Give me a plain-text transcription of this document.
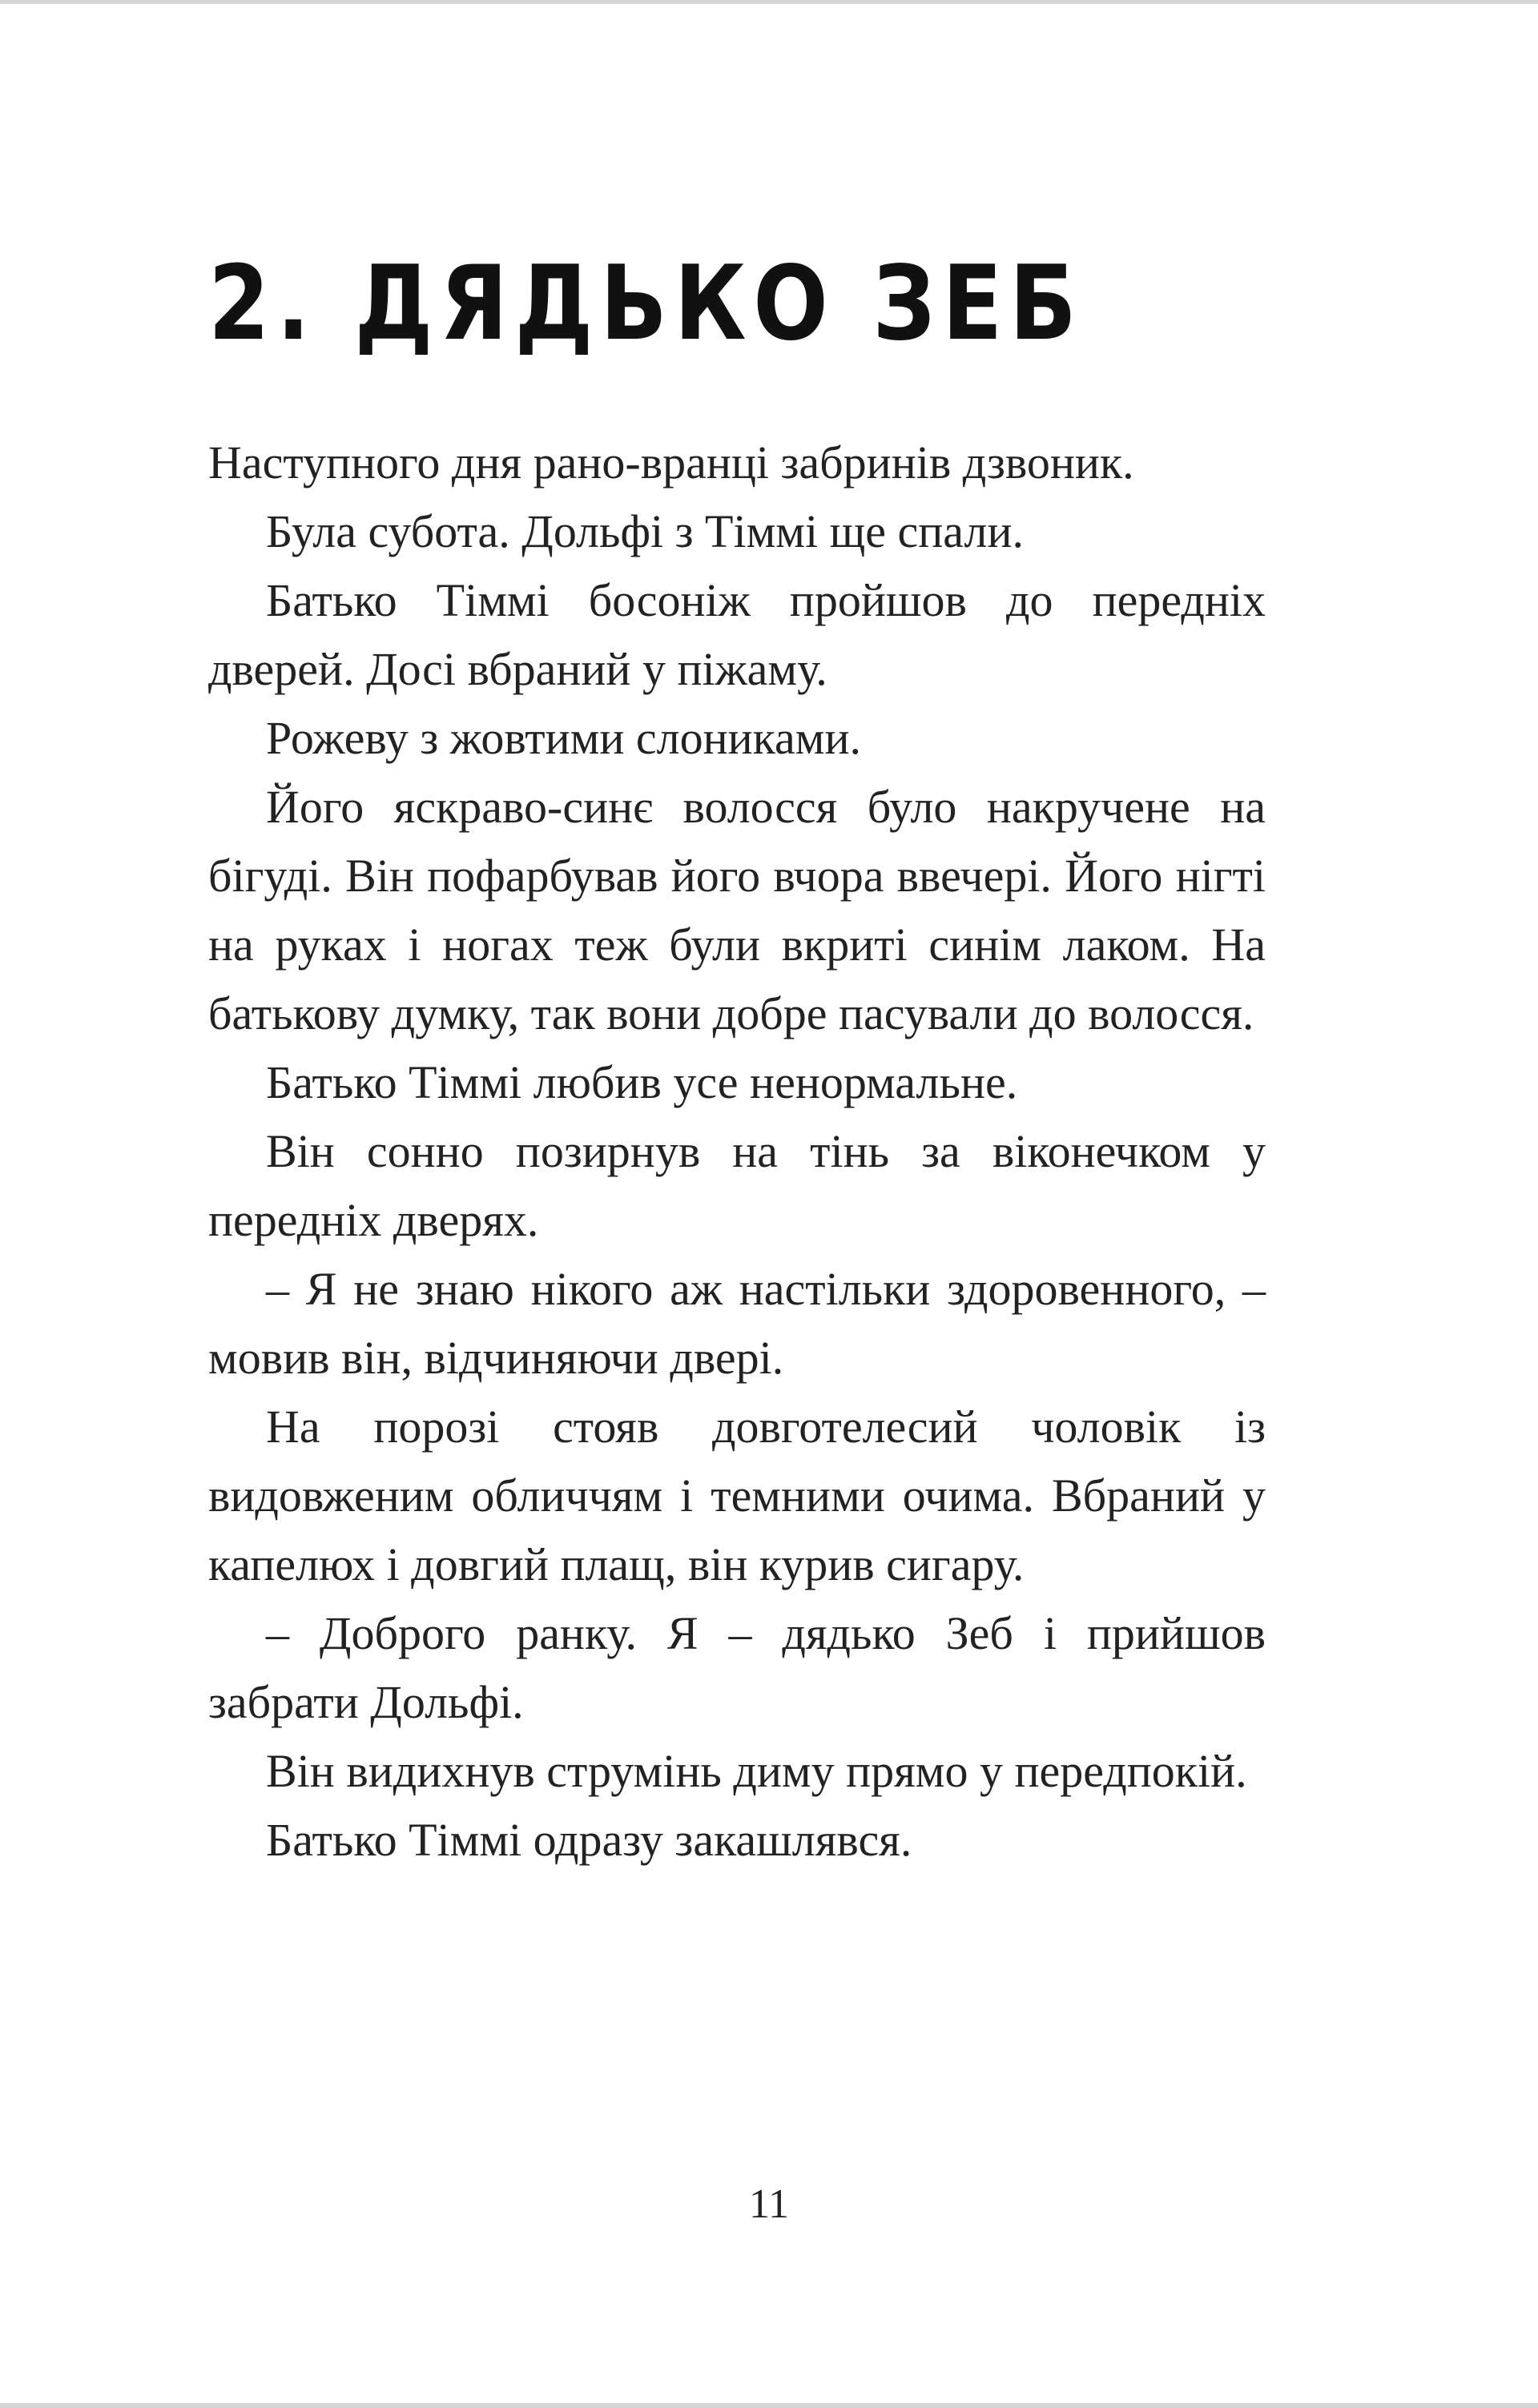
2. ДЯДЬКО ЗЕБ

Наступного дня рано-вранці забринів дзвоник.

Була субота. Дольфі з Тіммі ще спали.

Батько Тіммі босоніж пройшов до передніх дверей. Досі вбраний у піжаму.

Рожеву з жовтими слониками.

Його яскраво-синє волосся було накручене на бігуді. Він пофарбував його вчора ввечері. Його нігті на руках і ногах теж були вкриті синім лаком. На батькову думку, так вони добре пасували до волосся.

Батько Тіммі любив усе ненормальне.

Він сонно позирнув на тінь за віконечком у передніх дверях.

– Я не знаю нікого аж настільки здоровенного, – мовив він, відчиняючи двері.

На порозі стояв довготелесий чоловік із видовженим обличчям і темними очима. Вбраний у капелюх і довгий плащ, він курив сигару.

– Доброго ранку. Я – дядько Зеб і прийшов забрати Дольфі.

Він видихнув струмінь диму прямо у передпокій.

Батько Тіммі одразу закашлявся.

11
